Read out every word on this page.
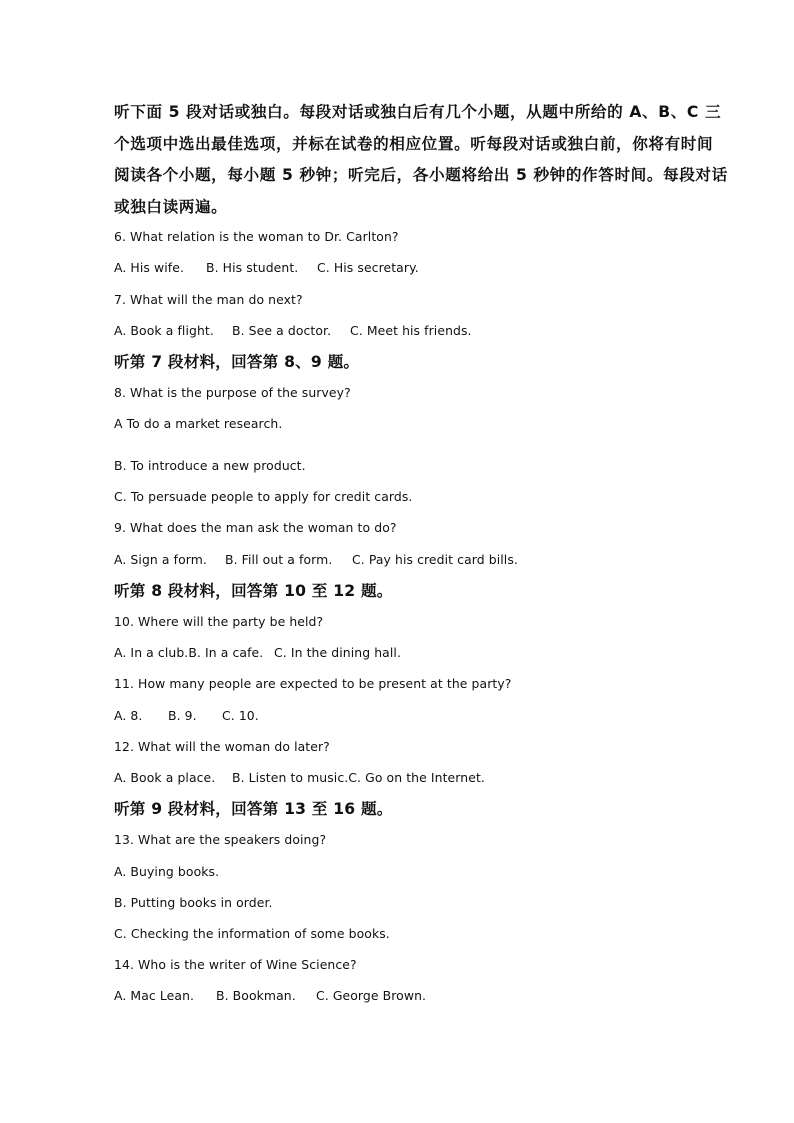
听下面 5 段对话或独白。每段对话或独白后有几个小题，从题中所给的 A、B、C 三
个选项中选出最佳选项，并标在试卷的相应位置。听每段对话或独白前，你将有时间
阅读各个小题，每小题 5 秒钟；听完后，各小题将给出 5 秒钟的作答时间。每段对话
或独白读两遍。
6. What relation is the woman to Dr. Carlton?
A. His wife. B. His student. C. His secretary.
7. What will the man do next?
A. Book a flight. B. See a doctor. C. Meet his friends.
听第 7 段材料，回答第 8、9 题。
8. What is the purpose of the survey?
A To do a market research.
B. To introduce a new product.
C. To persuade people to apply for credit cards.
9. What does the man ask the woman to do?
A. Sign a form. B. Fill out a form. C. Pay his credit card bills.
听第 8 段材料，回答第 10 至 12 题。
10. Where will the party be held?
A. In a club.B. In a cafe. C. In the dining hall.
11. How many people are expected to be present at the party?
A. 8. B. 9. C. 10.
12. What will the woman do later?
A. Book a place. B. Listen to music.C. Go on the Internet.
听第 9 段材料，回答第 13 至 16 题。
13. What are the speakers doing?
A. Buying books.
B. Putting books in order.
C. Checking the information of some books.
14. Who is the writer of Wine Science?
A. Mac Lean. B. Bookman. C. George Brown.
